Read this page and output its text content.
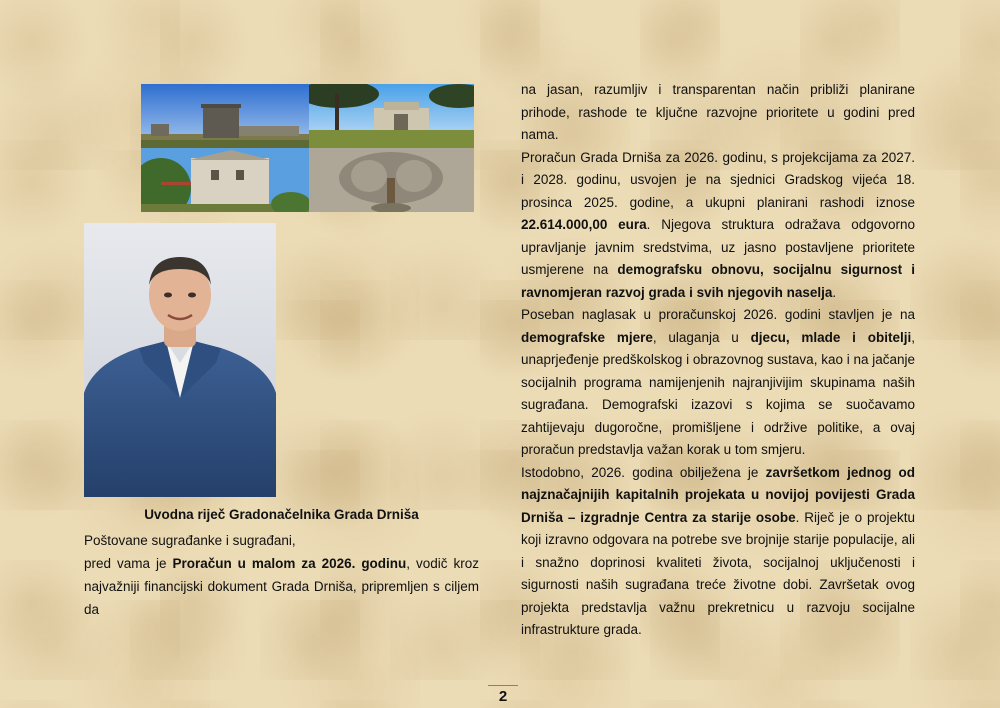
Uvodna riječ Gradonačelnika Grada Drniša

Poštovane sugrađanke i sugrađani,

pred vama je Proračun u malom za 2026. godinu, vodič kroz najvažniji financijski dokument Grada Drniša, pripremljen s ciljem da

na jasan, razumljiv i transparentan način približi planirane prihode, rashode te ključne razvojne prioritete u godini pred nama.

Proračun Grada Drniša za 2026. godinu, s projekcijama za 2027. i 2028. godinu, usvojen je na sjednici Gradskog vijeća 18. prosinca 2025. godine, a ukupni planirani rashodi iznose 22.614.000,00 eura. Njegova struktura odražava odgovorno upravljanje javnim sredstvima, uz jasno postavljene prioritete usmjerene na demografsku obnovu, socijalnu sigurnost i ravnomjeran razvoj grada i svih njegovih naselja.

Poseban naglasak u proračunskoj 2026. godini stavljen je na demografske mjere, ulaganja u djecu, mlade i obitelji, unaprjeđenje predškolskog i obrazovnog sustava, kao i na jačanje socijalnih programa namijenjenih najranjivijim skupinama naših sugrađana. Demografski izazovi s kojima se suočavamo zahtijevaju dugoročne, promišljene i održive politike, a ovaj proračun predstavlja važan korak u tom smjeru.

Istodobno, 2026. godina obilježena je završetkom jednog od najznačajnijih kapitalnih projekata u novijoj povijesti Grada Drniša – izgradnje Centra za starije osobe. Riječ je o projektu koji izravno odgovara na potrebe sve brojnije starije populacije, ali i snažno doprinosi kvaliteti života, socijalnoj uključenosti i sigurnosti naših sugrađana treće životne dobi. Završetak ovog projekta predstavlja važnu prekretnicu u razvoju socijalne infrastrukture grada.

2
